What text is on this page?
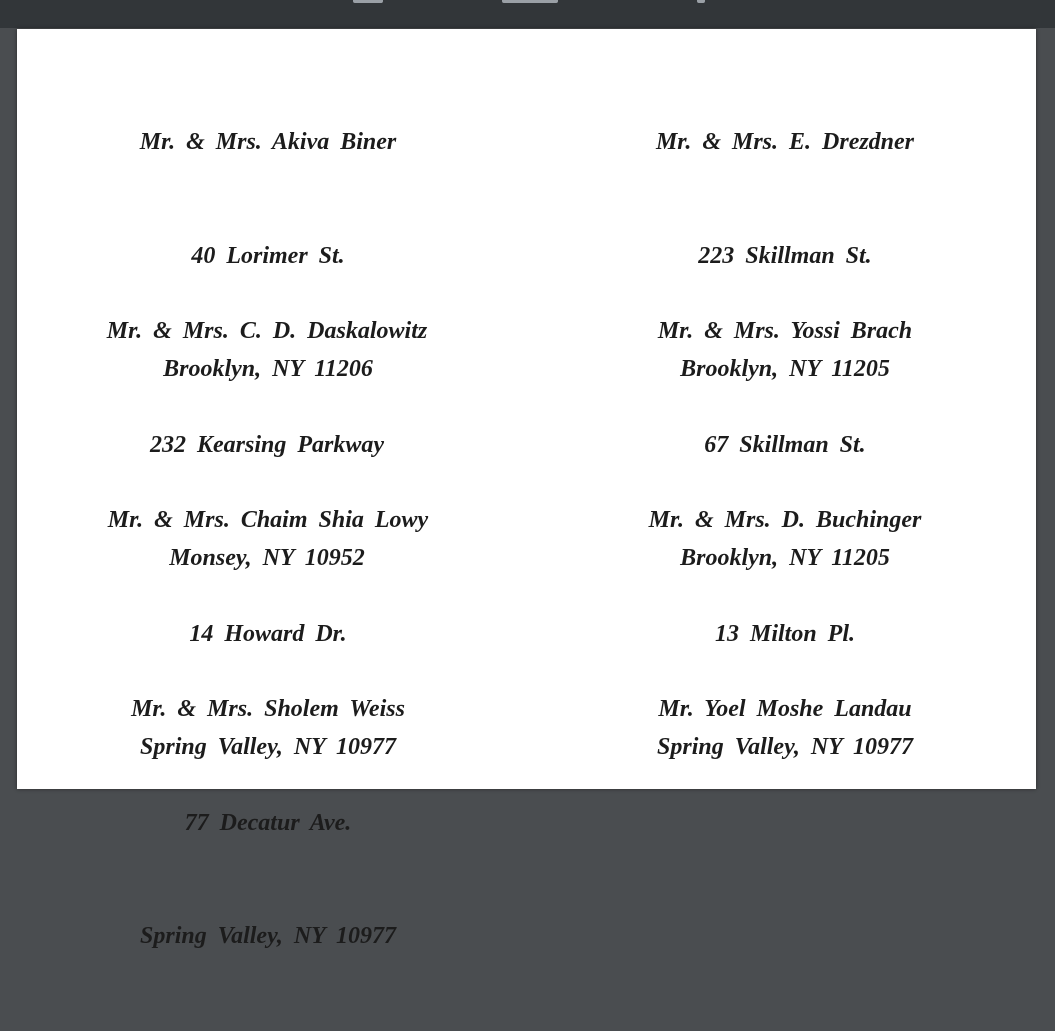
Mr. & Mrs. Akiva Biner

40 Lorimer St.

Brooklyn, NY 11206

Mr. & Mrs. E. Drezdner

223 Skillman St.

Brooklyn, NY 11205

Mr. & Mrs. C. D. Daskalowitz

232 Kearsing Parkway

Monsey, NY 10952

Mr. & Mrs. Yossi Brach

67 Skillman St.

Brooklyn, NY 11205

Mr. & Mrs. Chaim Shia Lowy

14 Howard Dr.

Spring Valley, NY 10977

Mr. & Mrs. D. Buchinger

13 Milton Pl.

Spring Valley, NY 10977

Mr. & Mrs. Sholem Weiss

77 Decatur Ave.

Spring Valley, NY 10977

Mr. Yoel Moshe Landau
